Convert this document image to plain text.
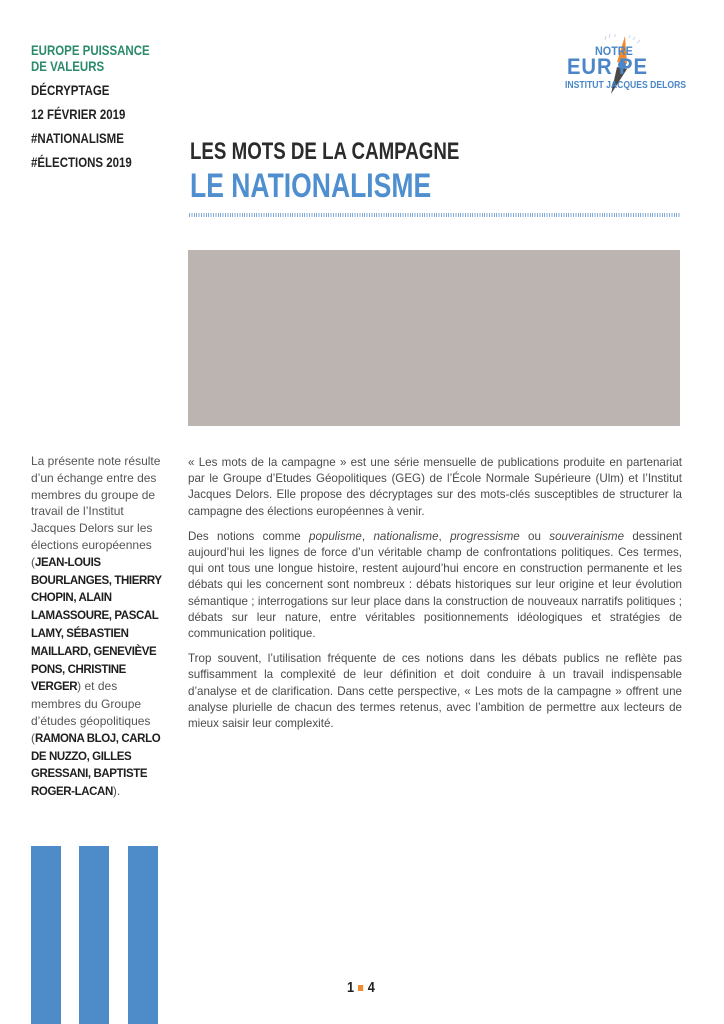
EUROPE PUISSANCE
DE VALEURS
DÉCRYPTAGE
12 FÉVRIER 2019
#NATIONALISME
#ÉLECTIONS 2019
NOTRE
EUR PE
INSTITUT JACQUES DELORS
LES MOTS DE LA CAMPAGNE
LE NATIONALISME
La présente note résulte d’un échange entre des membres du groupe de travail de l’Institut Jacques Delors sur les élections européennes (JEAN-LOUIS BOURLANGES, THIERRY CHOPIN, ALAIN LAMASSOURE, PASCAL LAMY, SÉBASTIEN MAILLARD, GENEVIÈVE PONS, CHRISTINE VERGER) et des membres du Groupe d’études géopolitiques (RAMONA BLOJ, CARLO DE NUZZO, GILLES GRESSANI, BAPTISTE ROGER-LACAN).

« Les mots de la campagne » est une série mensuelle de publications produite en partenariat par le Groupe d’Etudes Géopolitiques (GEG) de l’École Normale Supérieure (Ulm) et l’Institut Jacques Delors. Elle propose des décryptages sur des mots-clés susceptibles de structurer la campagne des élections européennes à venir.

Des notions comme populisme, nationalisme, progressisme ou souverainisme dessinent aujourd’hui les lignes de force d’un véritable champ de confrontations politiques. Ces termes, qui ont tous une longue histoire, restent aujourd’hui encore en construction permanente et les débats qui les concernent sont nombreux : débats historiques sur leur origine et leur évolution sémantique ; interrogations sur leur place dans la construction de nouveaux narratifs politiques ; débats sur leur nature, entre véritables positionnements idéologiques et stratégies de communication politique.

Trop souvent, l’utilisation fréquente de ces notions dans les débats publics ne reflète pas suffisamment la complexité de leur définition et doit conduire à un travail indispensable d’analyse et de clarification. Dans cette perspective, « Les mots de la campagne » offrent une analyse plurielle de chacun des termes retenus, avec l’ambition de permettre aux lecteurs de mieux saisir leur complexité.

1 4
